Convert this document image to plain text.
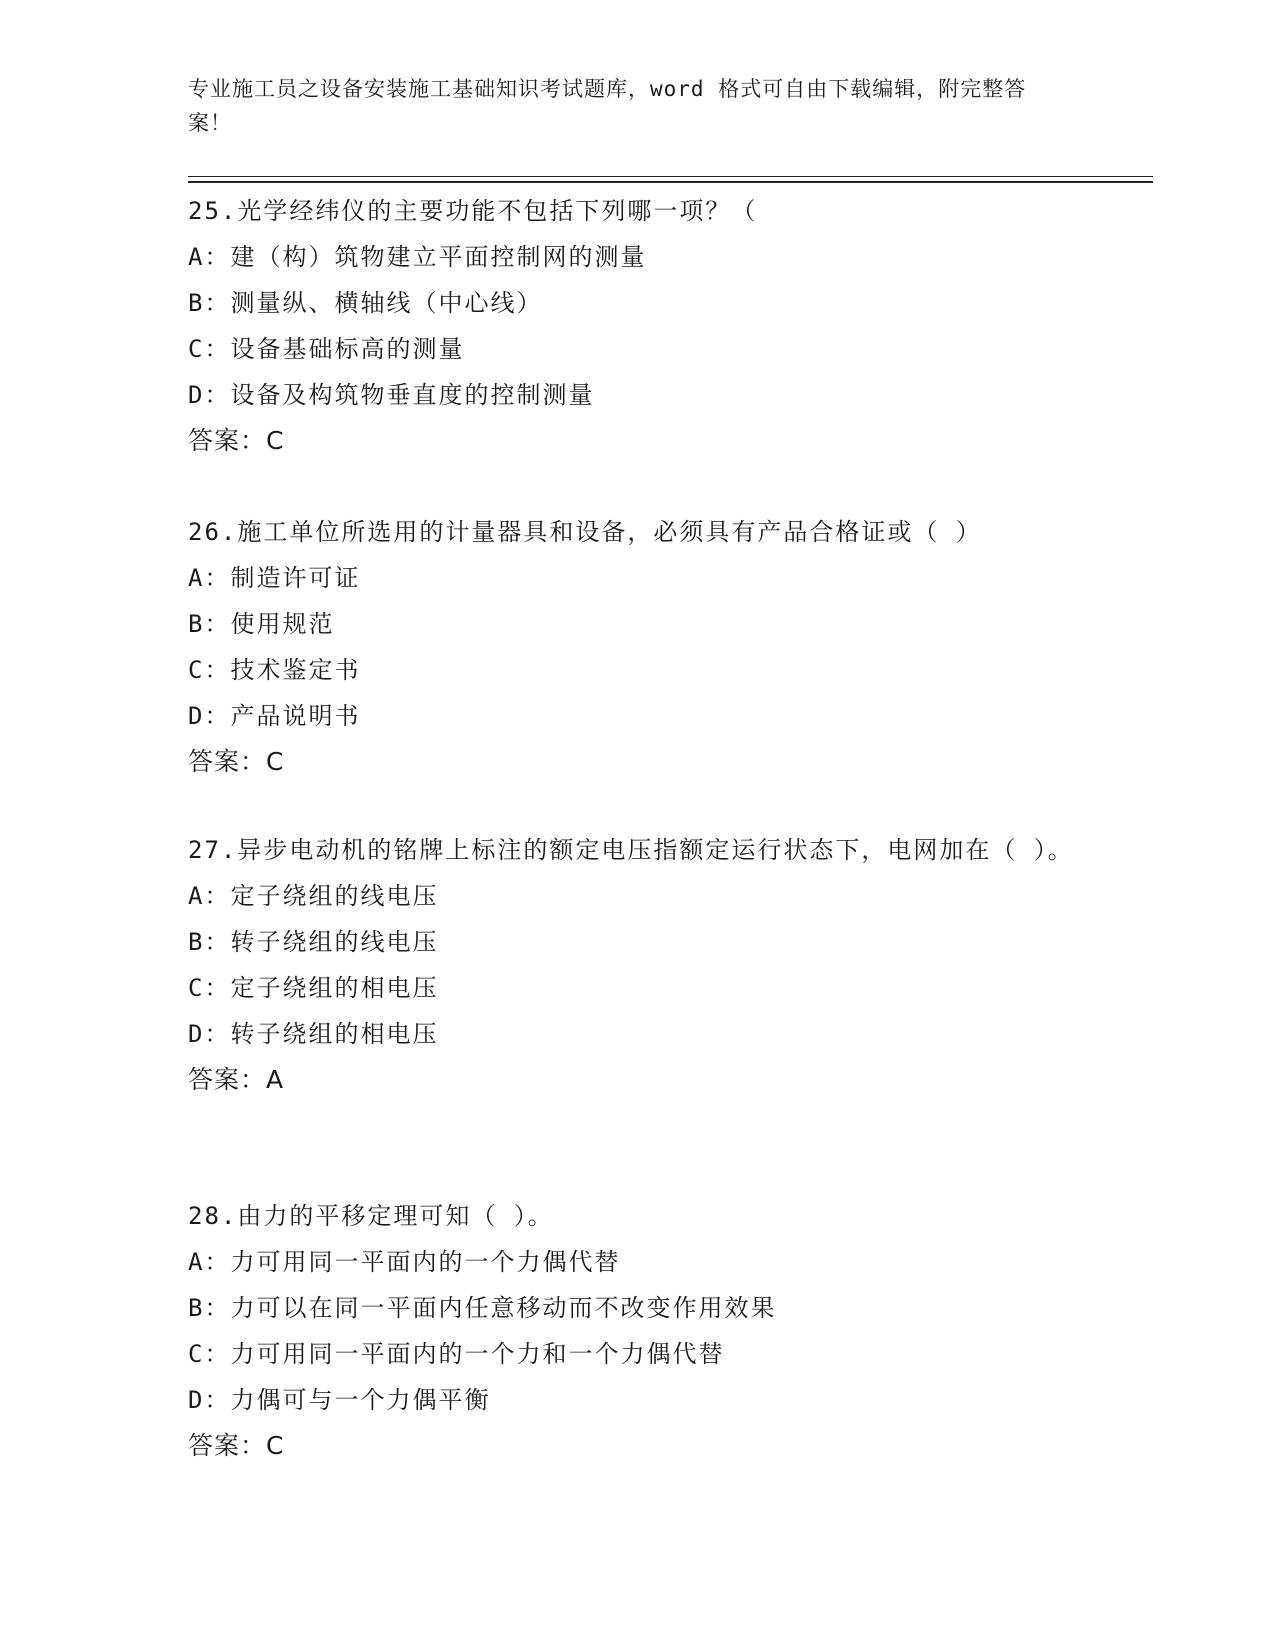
专业施工员之设备安装施工基础知识考试题库，word 格式可自由下载编辑，附完整答案！
25.光学经纬仪的主要功能不包括下列哪一项？（
A：建（构）筑物建立平面控制网的测量
B：测量纵、横轴线（中心线）
C：设备基础标高的测量
D：设备及构筑物垂直度的控制测量
答案：C
26.施工单位所选用的计量器具和设备，必须具有产品合格证或（ ）
A：制造许可证
B：使用规范
C：技术鉴定书
D：产品说明书
答案：C
27.异步电动机的铭牌上标注的额定电压指额定运行状态下，电网加在（ ）。
A：定子绕组的线电压
B：转子绕组的线电压
C：定子绕组的相电压
D：转子绕组的相电压
答案：A
28.由力的平移定理可知（ ）。
A：力可用同一平面内的一个力偶代替
B：力可以在同一平面内任意移动而不改变作用效果
C：力可用同一平面内的一个力和一个力偶代替
D：力偶可与一个力偶平衡
答案：C
